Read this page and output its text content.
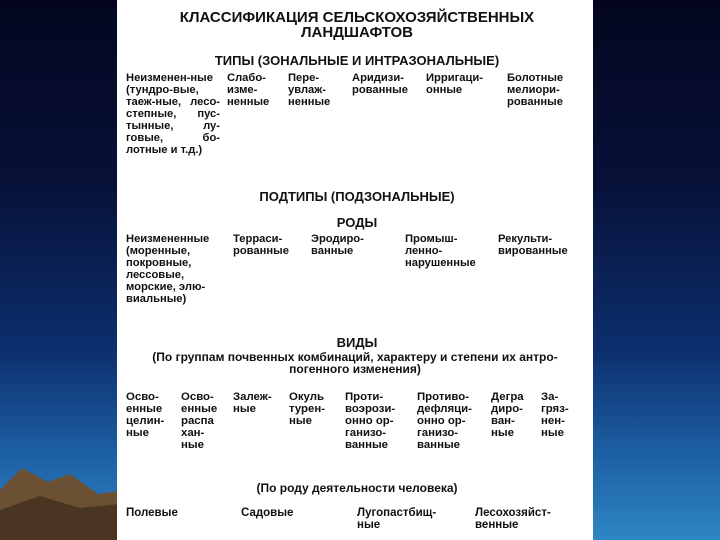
КЛАССИФИКАЦИЯ СЕЛЬСКОХОЗЯЙСТВЕННЫХ ЛАНДШАФТОВ
ТИПЫ (ЗОНАЛЬНЫЕ И ИНТРАЗОНАЛЬНЫЕ)
Неизменен-ные (тундро-вые, таеж-ные, лесо-степные, пус-тынные, лу-говые, бо-лотные и т.д.)
Слабо-изме-ненные
Пере-увлаж-ненные
Аридизи-рованные
Ирригаци-онные
Болотные мелиори-рованные
ПОДТИПЫ (ПОДЗОНАЛЬНЫЕ)
РОДЫ
Неизмененные (моренные, покровные, лессовые, морские, элю-виальные)
Терраси-рованные
Эродиро-ванные
Промыш-ленно-нарушенные
Рекульти-вированные
ВИДЫ
(По группам почвенных комбинаций, характеру и степени их антро-погенного изменения)
Осво-енные целин-ные
Осво-енные распа хан-ные
Залеж-ные
Окуль турен-ные
Проти-воэрози-онно ор-ганизо-ванные
Противо-дефляци-онно ор-ганизо-ванные
Дегра диро-ван-ные
За-гряз-нен-ные
(По роду деятельности человека)
Полевые	Садовые	Лугопастбищ-ные
Лесохозяйст-венные
